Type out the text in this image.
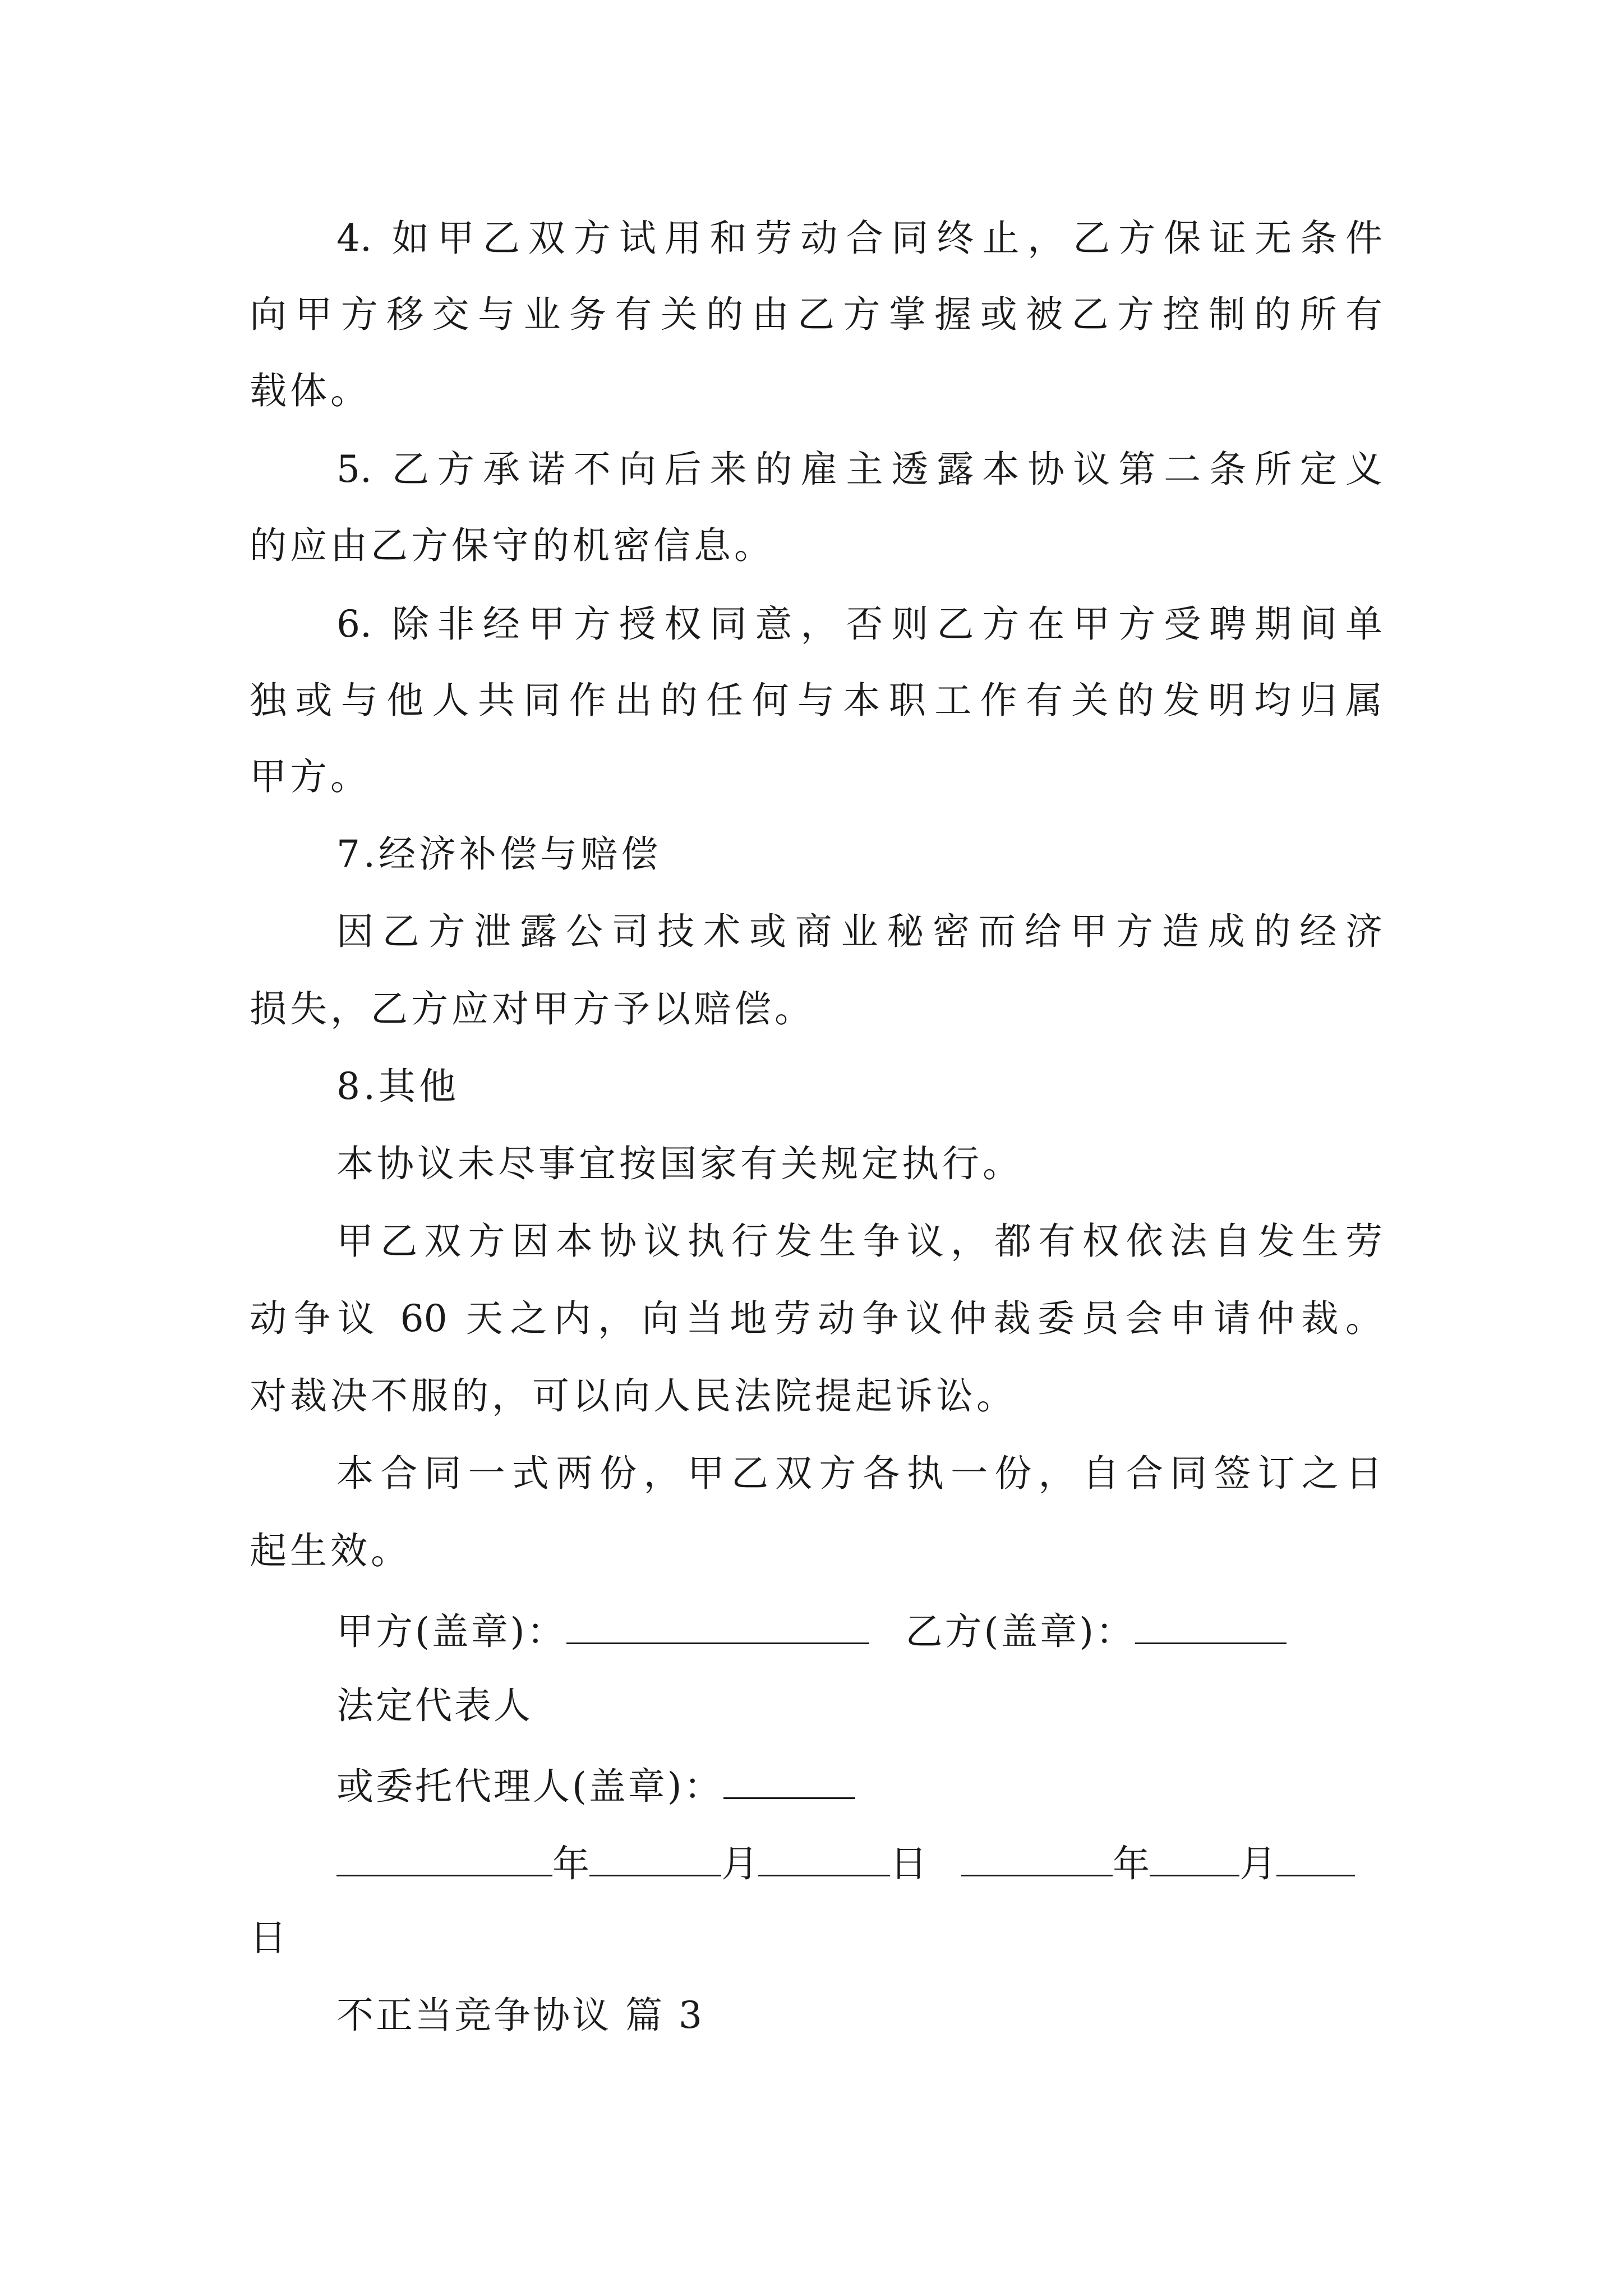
4. 如甲乙双方试用和劳动合同终止，乙方保证无条件
向甲方移交与业务有关的由乙方掌握或被乙方控制的所有
载体。
5. 乙方承诺不向后来的雇主透露本协议第二条所定义
的应由乙方保守的机密信息。
6. 除非经甲方授权同意，否则乙方在甲方受聘期间单
独或与他人共同作出的任何与本职工作有关的发明均归属
甲方。
7.经济补偿与赔偿
因乙方泄露公司技术或商业秘密而给甲方造成的经济
损失，乙方应对甲方予以赔偿。
8.其他
本协议未尽事宜按国家有关规定执行。
甲乙双方因本协议执行发生争议，都有权依法自发生劳
动争议 60 天之内，向当地劳动争议仲裁委员会申请仲裁。
对裁决不服的，可以向人民法院提起诉讼。
本合同一式两份，甲乙双方各执一份，自合同签订之日
起生效。
甲方(盖章)：	乙方(盖章)：
法定代表人
或委托代理人(盖章)：
年	月	日	年 月
日
不正当竞争协议 篇 3
